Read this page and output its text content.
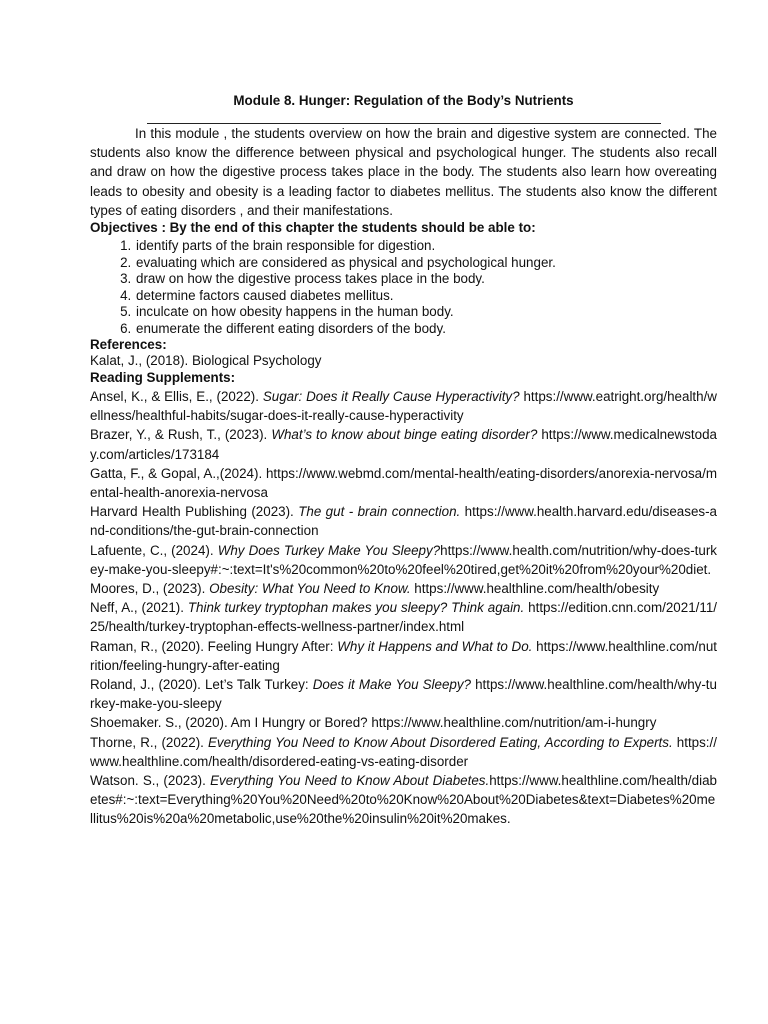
Module 8. Hunger: Regulation of the Body’s Nutrients
In this module , the students overview on how the brain and digestive system are connected. The students also know the difference between physical and psychological hunger. The students also recall and draw on how the digestive process takes place in the body. The students also learn how overeating leads to obesity and obesity is a leading factor to diabetes mellitus. The students also know the different types of eating disorders , and their manifestations.
Objectives : By the end of this chapter the students should be able to:
1. identify parts of the brain responsible for digestion.
2. evaluating which are considered as physical and psychological hunger.
3. draw on how the digestive process takes place in the body.
4. determine factors caused diabetes mellitus.
5. inculcate on how obesity happens in the human body.
6. enumerate the different eating disorders of the body.
References:
Kalat, J., (2018). Biological Psychology
Reading Supplements:
Ansel, K., & Ellis, E., (2022). Sugar: Does it Really Cause Hyperactivity? https://www.eatright.org/health/wellness/healthful-habits/sugar-does-it-really-cause-hyperactivity
Brazer, Y., & Rush, T., (2023). What’s to know about binge eating disorder? https://www.medicalnewstoday.com/articles/173184
Gatta, F., & Gopal, A.,(2024). https://www.webmd.com/mental-health/eating-disorders/anorexia-nervosa/mental-health-anorexia-nervosa
Harvard Health Publishing (2023). The gut - brain connection. https://www.health.harvard.edu/diseases-and-conditions/the-gut-brain-connection
Lafuente, C., (2024). Why Does Turkey Make You Sleepy?https://www.health.com/nutrition/why-does-turkey-make-you-sleepy#:~:text=It's%20common%20to%20feel%20tired,get%20it%20from%20your%20diet.
Moores, D., (2023). Obesity: What You Need to Know. https://www.healthline.com/health/obesity
Neff, A., (2021). Think turkey tryptophan makes you sleepy? Think again. https://edition.cnn.com/2021/11/25/health/turkey-tryptophan-effects-wellness-partner/index.html
Raman, R., (2020). Feeling Hungry After: Why it Happens and What to Do. https://www.healthline.com/nutrition/feeling-hungry-after-eating
Roland, J., (2020). Let’s Talk Turkey: Does it Make You Sleepy? https://www.healthline.com/health/why-turkey-make-you-sleepy
Shoemaker. S., (2020). Am I Hungry or Bored? https://www.healthline.com/nutrition/am-i-hungry
Thorne, R., (2022). Everything You Need to Know About Disordered Eating, According to Experts. https://www.healthline.com/health/disordered-eating-vs-eating-disorder
Watson. S., (2023). Everything You Need to Know About Diabetes.https://www.healthline.com/health/diabetes#:~:text=Everything%20You%20Need%20to%20Know%20About%20Diabetes&text=Diabetes%20mellitus%20is%20a%20metabolic,use%20the%20insulin%20it%20makes.
